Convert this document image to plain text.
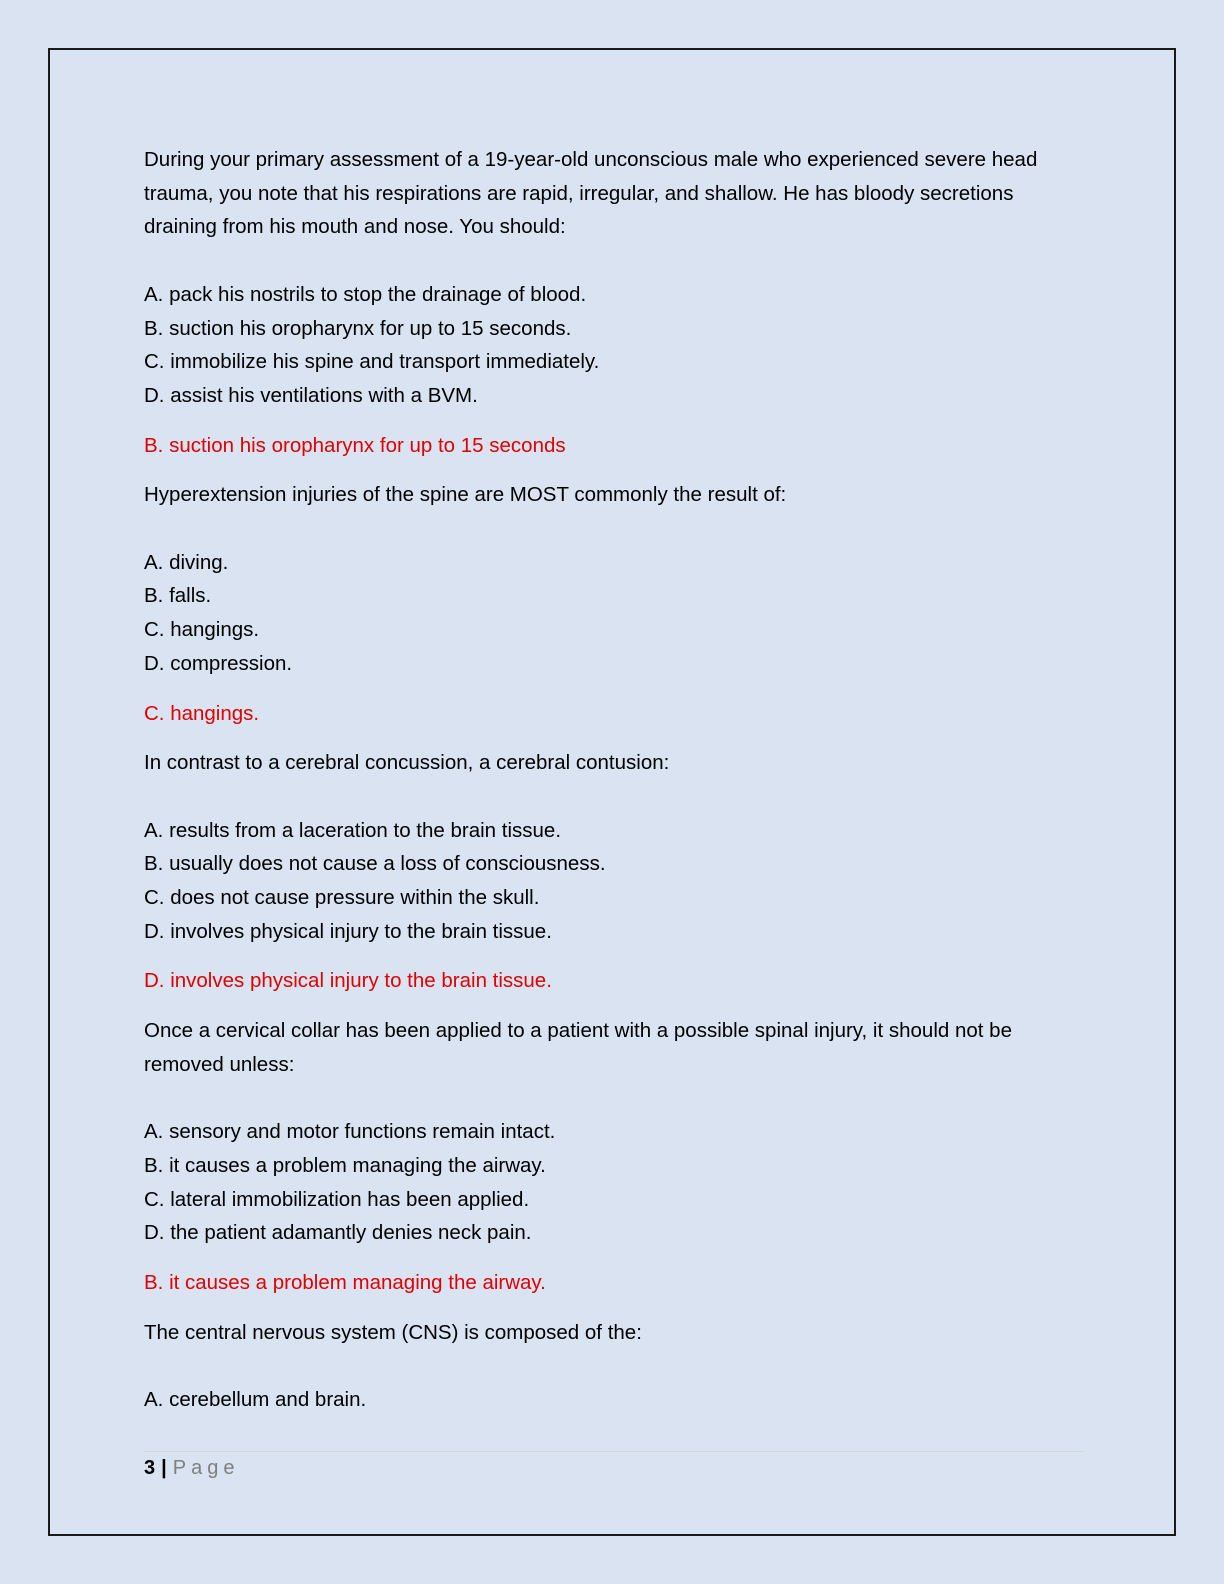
During your primary assessment of a 19-year-old unconscious male who experienced severe head trauma, you note that his respirations are rapid, irregular, and shallow. He has bloody secretions draining from his mouth and nose. You should:

A. pack his nostrils to stop the drainage of blood.

B. suction his oropharynx for up to 15 seconds.

C. immobilize his spine and transport immediately.

D. assist his ventilations with a BVM.

B. suction his oropharynx for up to 15 seconds

Hyperextension injuries of the spine are MOST commonly the result of:

A. diving.

B. falls.

C. hangings.

D. compression.

C. hangings.

In contrast to a cerebral concussion, a cerebral contusion:

A. results from a laceration to the brain tissue.

B. usually does not cause a loss of consciousness.

C. does not cause pressure within the skull.

D. involves physical injury to the brain tissue.

D. involves physical injury to the brain tissue.

Once a cervical collar has been applied to a patient with a possible spinal injury, it should not be removed unless:

A. sensory and motor functions remain intact.

B. it causes a problem managing the airway.

C. lateral immobilization has been applied.

D. the patient adamantly denies neck pain.

B. it causes a problem managing the airway.

The central nervous system (CNS) is composed of the:

A. cerebellum and brain.

3 | Page
